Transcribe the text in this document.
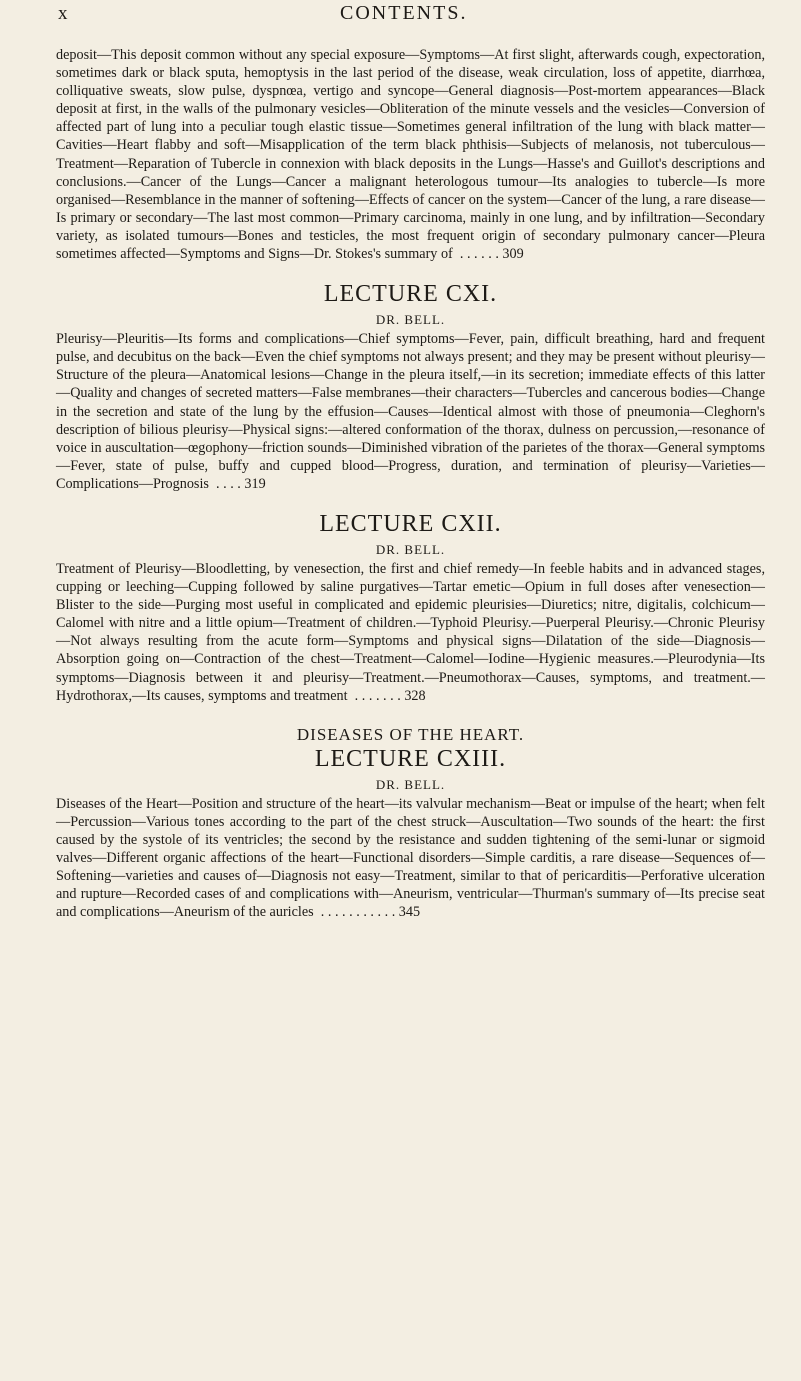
x	CONTENTS.

deposit—This deposit common without any special exposure—Symptoms—At first slight, afterwards cough, expectoration, sometimes dark or black sputa, hemoptysis in the last period of the disease, weak circulation, loss of appetite, diarrhœa, colliquative sweats, slow pulse, dyspnœa, vertigo and syncope—General diagnosis—Post-mortem appearances—Black deposit at first, in the walls of the pulmonary vesicles—Obliteration of the minute vessels and the vesicles—Conversion of affected part of lung into a peculiar tough elastic tissue—Sometimes general infiltration of the lung with black matter—Cavities—Heart flabby and soft—Misapplication of the term black phthisis—Subjects of melanosis, not tuberculous—Treatment—Reparation of Tubercle in connexion with black deposits in the Lungs—Hasse's and Guillot's descriptions and conclusions.—Cancer of the Lungs—Cancer a malignant heterologous tumour—Its analogies to tubercle—Is more organised—Resemblance in the manner of softening—Effects of cancer on the system—Cancer of the lung, a rare disease—Is primary or secondary—The last most common—Primary carcinoma, mainly in one lung, and by infiltration—Secondary variety, as isolated tumours—Bones and testicles, the most frequent origin of secondary pulmonary cancer—Pleura sometimes affected—Symptoms and Signs—Dr. Stokes's summary of . . . . . . 309

LECTURE CXI.
DR. BELL.

Pleurisy—Pleuritis—Its forms and complications—Chief symptoms—Fever, pain, difficult breathing, hard and frequent pulse, and decubitus on the back—Even the chief symptoms not always present; and they may be present without pleurisy—Structure of the pleura—Anatomical lesions—Change in the pleura itself,—in its secretion; immediate effects of this latter—Quality and changes of secreted matters—False membranes—their characters—Tubercles and cancerous bodies—Change in the secretion and state of the lung by the effusion—Causes—Identical almost with those of pneumonia—Cleghorn's description of bilious pleurisy—Physical signs:—altered conformation of the thorax, dulness on percussion,—resonance of voice in auscultation—œgophony—friction sounds—Diminished vibration of the parietes of the thorax—General symptoms—Fever, state of pulse, buffy and cupped blood—Progress, duration, and termination of pleurisy—Varieties—Complications—Prognosis . . . . 319

LECTURE CXII.
DR. BELL.

Treatment of Pleurisy—Bloodletting, by venesection, the first and chief remedy—In feeble habits and in advanced stages, cupping or leeching—Cupping followed by saline purgatives—Tartar emetic—Opium in full doses after venesection—Blister to the side—Purging most useful in complicated and epidemic pleurisies—Diuretics; nitre, digitalis, colchicum—Calomel with nitre and a little opium—Treatment of children.—Typhoid Pleurisy.—Puerperal Pleurisy.—Chronic Pleurisy—Not always resulting from the acute form—Symptoms and physical signs—Dilatation of the side—Diagnosis—Absorption going on—Contraction of the chest—Treatment—Calomel—Iodine—Hygienic measures.—Pleurodynia—Its symptoms—Diagnosis between it and pleurisy—Treatment.—Pneumothorax—Causes, symptoms, and treatment.—Hydrothorax,—Its causes, symptoms and treatment . . . . . . . 328

DISEASES OF THE HEART.
LECTURE CXIII.
DR. BELL.

Diseases of the Heart—Position and structure of the heart—its valvular mechanism—Beat or impulse of the heart; when felt—Percussion—Various tones according to the part of the chest struck—Auscultation—Two sounds of the heart: the first caused by the systole of its ventricles; the second by the resistance and sudden tightening of the semi-lunar or sigmoid valves—Different organic affections of the heart—Functional disorders—Simple carditis, a rare disease—Sequences of—Softening—varieties and causes of—Diagnosis not easy—Treatment, similar to that of pericarditis—Perforative ulceration and rupture—Recorded cases of and complications with—Aneurism, ventricular—Thurman's summary of—Its precise seat and complications—Aneurism of the auricles . . . . . . . . . . . 345
